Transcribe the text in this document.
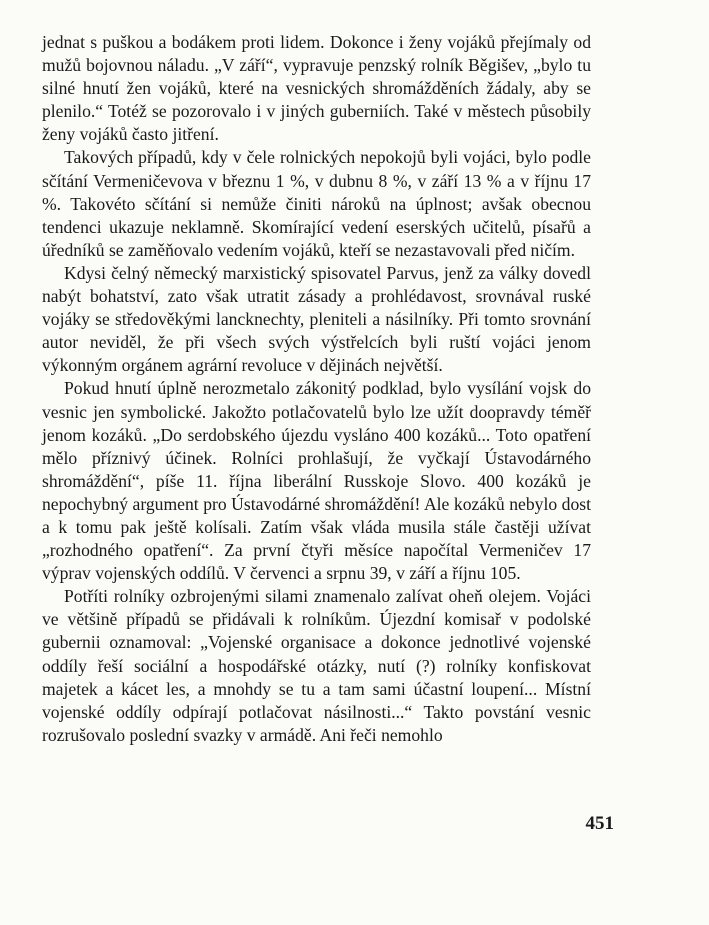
jednat s puškou a bodákem proti lidem. Dokonce i ženy vojáků přejímaly od mužů bojovnou náladu. „V září“, vypravuje penzský rolník Běgišev, „bylo tu silné hnutí žen vojáků, které na vesnických shromážděních žádaly, aby se plenilo.“ Totéž se pozorovalo i v jiných guberniích. Také v městech působily ženy vojáků často jitření.

Takových případů, kdy v čele rolnických nepokojů byli vojáci, bylo podle sčítání Vermeničevova v březnu 1 %, v dubnu 8 %, v září 13 % a v říjnu 17 %. Takovéto sčítání si nemůže činiti nároků na úplnost; avšak obecnou tendenci ukazuje neklamně. Skomírající vedení eserských učitelů, písařů a úředníků se zaměňovalo vedením vojáků, kteří se nezastavovali před ničím.

Kdysi čelný německý marxistický spisovatel Parvus, jenž za války dovedl nabýt bohatství, zato však utratit zásady a prohlédavost, srovnával ruské vojáky se středověkými lancknechty, pleniteli a násilníky. Při tomto srovnání autor neviděl, že při všech svých výstřelcích byli ruští vojáci jenom výkonným orgánem agrární revoluce v dějinách největší.

Pokud hnutí úplně nerozmetalo zákonitý podklad, bylo vysílání vojsk do vesnic jen symbolické. Jakožto potlačovatelů bylo lze užít doopravdy téměř jenom kozáků. „Do serdobského újezdu vysláno 400 kozáků... Toto opatření mělo příznivý účinek. Rolníci prohlašují, že vyčkají Ústavodárného shromáždění“, píše 11. října liberální Russkoje Slovo. 400 kozáků je nepochybný argument pro Ústavodárné shromáždění! Ale kozáků nebylo dost a k tomu pak ještě kolísali. Zatím však vláda musila stále častěji užívat „rozhodného opatření“. Za první čtyři měsíce napočítal Vermeničev 17 výprav vojenských oddílů. V červenci a srpnu 39, v září a říjnu 105.

Potříti rolníky ozbrojenými silami znamenalo zalívat oheň olejem. Vojáci ve většině případů se přidávali k rolníkům. Újezdní komisař v podolské gubernii oznamoval: „Vojenské organisace a dokonce jednotlivé vojenské oddíly řeší sociální a hospodářské otázky, nutí (?) rolníky konfiskovat majetek a kácet les, a mnohdy se tu a tam sami účastní loupení... Místní vojenské oddíly odpírají potlačovat násilnosti...“ Takto povstání vesnic rozrušovalo poslední svazky v armádě. Ani řeči nemohlo

451
